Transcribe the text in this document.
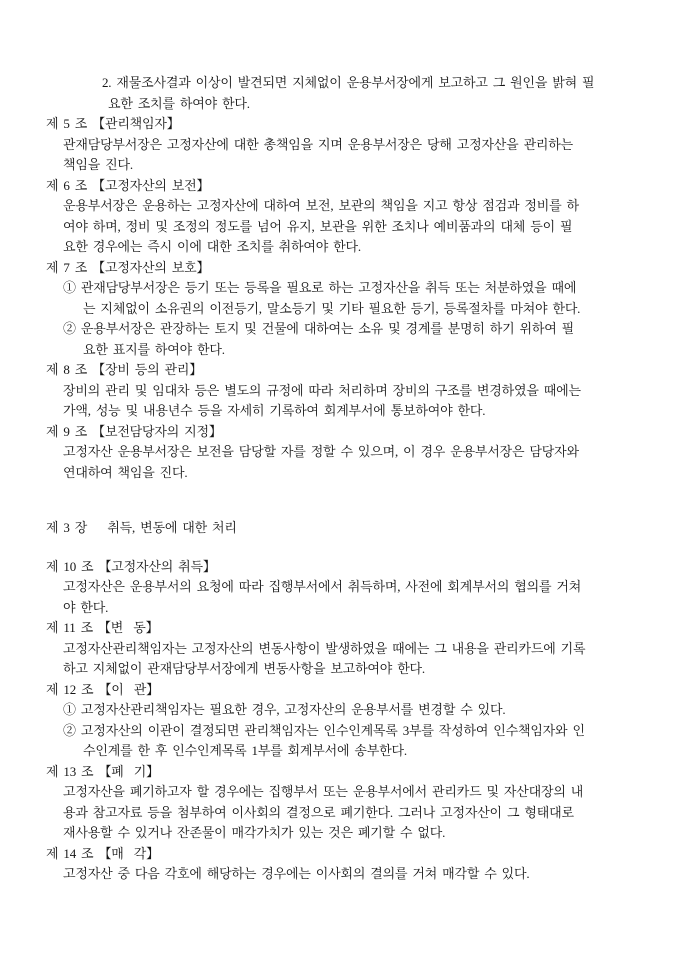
2. 재물조사결과 이상이 발견되면 지체없이 운용부서장에게 보고하고 그 원인을 밝혀 필
요한 조치를 하여야 한다.
제 5 조 【관리책임자】
관재담당부서장은 고정자산에 대한 총책임을 지며 운용부서장은 당해 고정자산을 관리하는
책임을 진다.
제 6 조 【고정자산의 보전】
운용부서장은 운용하는 고정자산에 대하여 보전, 보관의 책임을 지고 항상 점검과 정비를 하
여야 하며, 정비 및 조정의 정도를 넘어 유지, 보관을 위한 조치나 예비품과의 대체 등이 필
요한 경우에는 즉시 이에 대한 조치를 취하여야 한다.
제 7 조 【고정자산의 보호】
① 관재담당부서장은 등기 또는 등록을 필요로 하는 고정자산을 취득 또는 처분하였을 때에
는 지체없이 소유권의 이전등기, 말소등기 및 기타 필요한 등기, 등록절차를 마쳐야 한다.
② 운용부서장은 관장하는 토지 및 건물에 대하여는 소유 및 경계를 분명히 하기 위하여 필
요한 표지를 하여야 한다.
제 8 조 【장비 등의 관리】
장비의 관리 및 임대차 등은 별도의 규정에 따라 처리하며 장비의 구조를 변경하였을 때에는
가액, 성능 및 내용년수 등을 자세히 기록하여 회계부서에 통보하여야 한다.
제 9 조 【보전담당자의 지정】
고정자산 운용부서장은 보전을 담당할 자를 정할 수 있으며, 이 경우 운용부서장은 담당자와
연대하여 책임을 진다.
제 3 장    취득, 변동에 대한 처리
제 10 조 【고정자산의 취득】
고정자산은 운용부서의 요청에 따라 집행부서에서 취득하며, 사전에 회계부서의 협의를 거쳐
야 한다.
제 11 조 【변  동】
고정자산관리책임자는 고정자산의 변동사항이 발생하였을 때에는 그 내용을 관리카드에 기록
하고 지체없이 관재담당부서장에게 변동사항을 보고하여야 한다.
제 12 조 【이  관】
① 고정자산관리책임자는 필요한 경우, 고정자산의 운용부서를 변경할 수 있다.
② 고정자산의 이관이 결정되면 관리책임자는 인수인계목록 3부를 작성하여 인수책임자와 인
수인계를 한 후 인수인계목록 1부를 회계부서에 송부한다.
제 13 조 【폐  기】
고정자산을 폐기하고자 할 경우에는 집행부서 또는 운용부서에서 관리카드 및 자산대장의 내
용과 참고자료 등을 첨부하여 이사회의 결정으로 폐기한다. 그러나 고정자산이 그 형태대로
재사용할 수 있거나 잔존물이 매각가치가 있는 것은 폐기할 수 없다.
제 14 조 【매  각】
고정자산 중 다음 각호에 해당하는 경우에는 이사회의 결의를 거쳐 매각할 수 있다.
